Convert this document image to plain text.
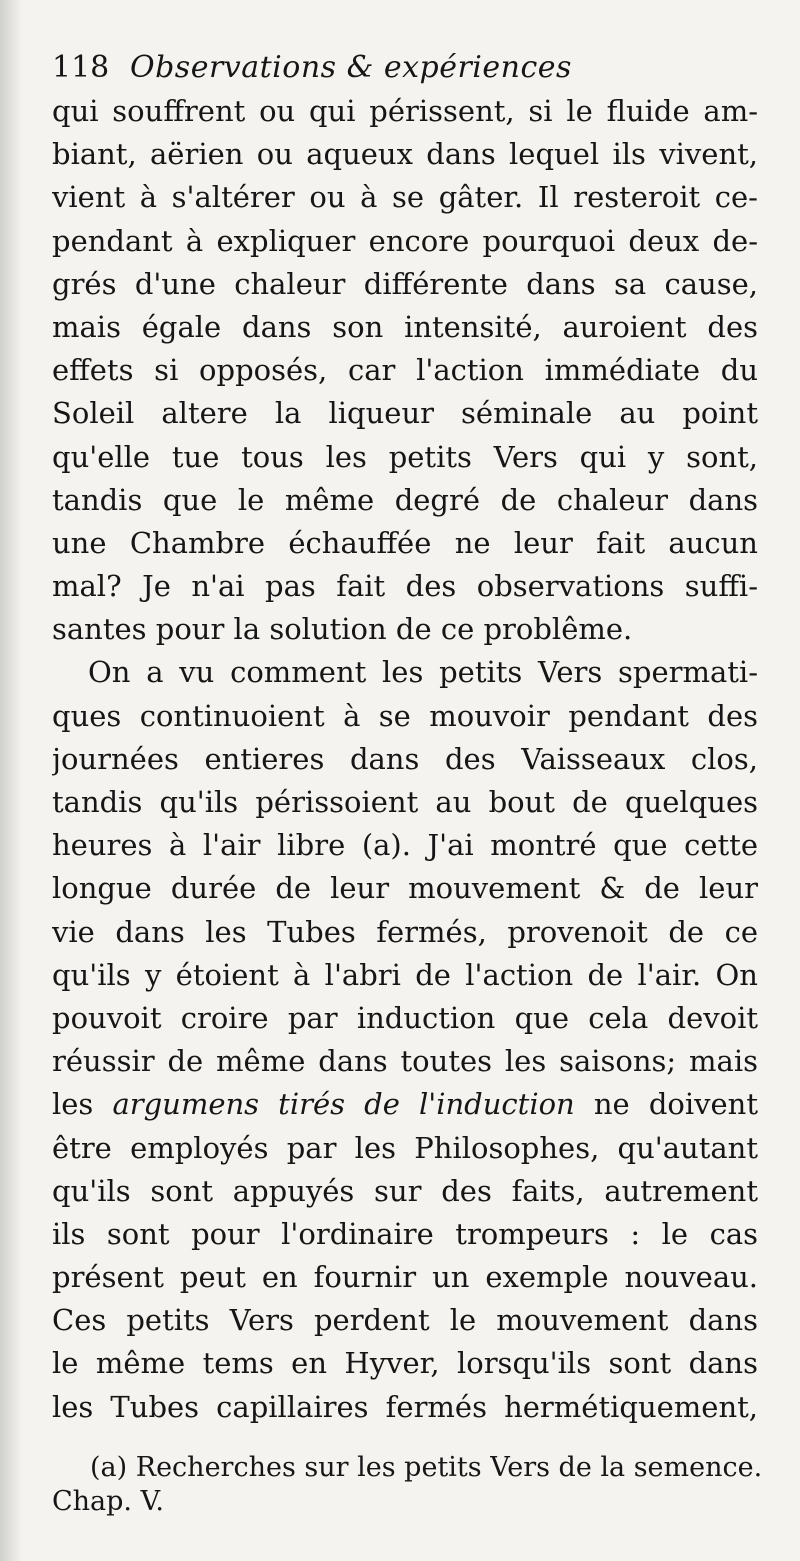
118 Observations & expériences
qui souffrent ou qui périssent, si le fluide am-
biant, aërien ou aqueux dans lequel ils vivent,
vient à s'altérer ou à se gâter. Il resteroit ce-
pendant à expliquer encore pourquoi deux de-
grés d'une chaleur différente dans sa cause,
mais égale dans son intensité, auroient des
effets si opposés, car l'action immédiate du
Soleil altere la liqueur séminale au point
qu'elle tue tous les petits Vers qui y sont,
tandis que le même degré de chaleur dans
une Chambre échauffée ne leur fait aucun
mal? Je n'ai pas fait des observations suffi-
santes pour la solution de ce problême.
On a vu comment les petits Vers spermati-
ques continuoient à se mouvoir pendant des
journées entieres dans des Vaisseaux clos,
tandis qu'ils périssoient au bout de quelques
heures à l'air libre (a). J'ai montré que cette
longue durée de leur mouvement & de leur
vie dans les Tubes fermés, provenoit de ce
qu'ils y étoient à l'abri de l'action de l'air. On
pouvoit croire par induction que cela devoit
réussir de même dans toutes les saisons; mais
les argumens tirés de l'induction ne doivent
être employés par les Philosophes, qu'autant
qu'ils sont appuyés sur des faits, autrement
ils sont pour l'ordinaire trompeurs : le cas
présent peut en fournir un exemple nouveau.
Ces petits Vers perdent le mouvement dans
le même tems en Hyver, lorsqu'ils sont dans
les Tubes capillaires fermés hermétiquement,
(a) Recherches sur les petits Vers de la semence.
Chap. V.
